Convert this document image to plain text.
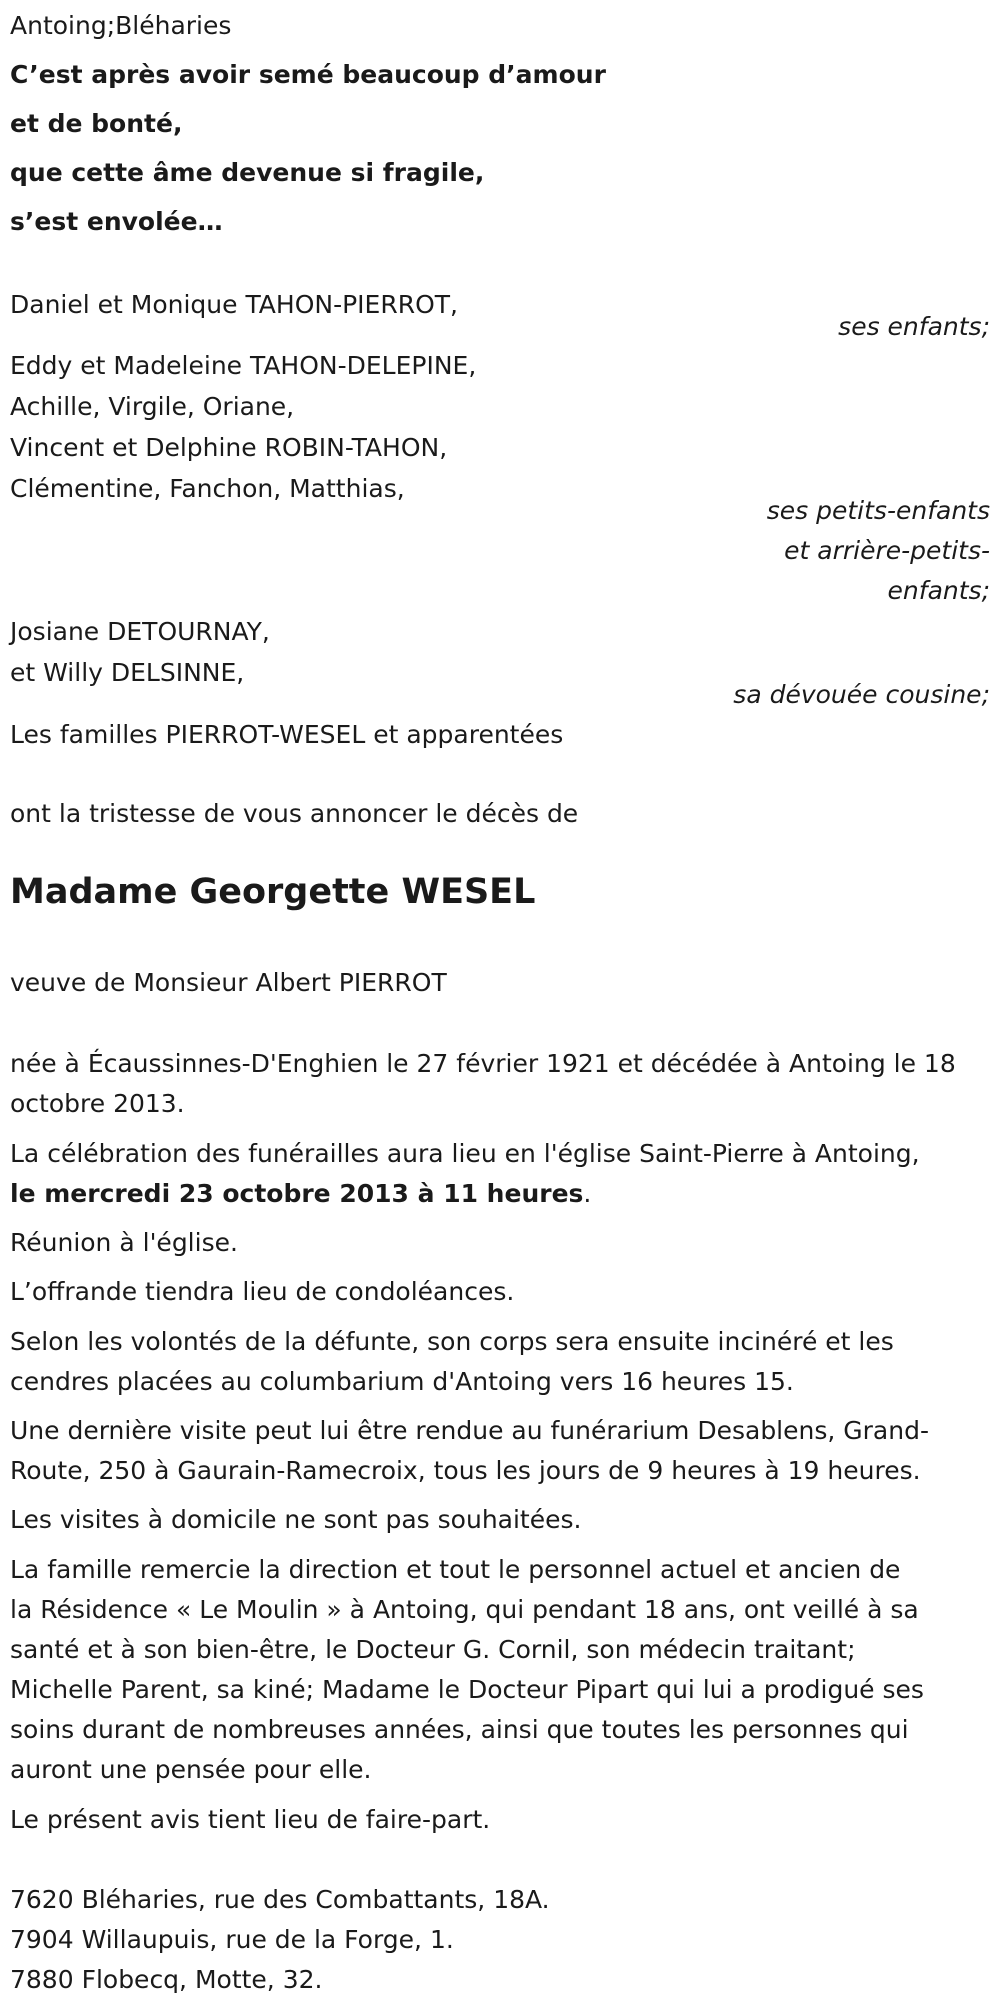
Antoing;Bléharies
C’est après avoir semé beaucoup d’amour
et de bonté,
que cette âme devenue si fragile,
s’est envolée…
Daniel et Monique TAHON-PIERROT,
ses enfants;
Eddy et Madeleine TAHON-DELEPINE,
Achille, Virgile, Oriane,
Vincent et Delphine ROBIN-TAHON,
Clémentine, Fanchon, Matthias,
ses petits-enfants
et arrière-petits-
enfants;
Josiane DETOURNAY,
et Willy DELSINNE,
sa dévouée cousine;
Les familles PIERROT-WESEL et apparentées
ont la tristesse de vous annoncer le décès de
Madame Georgette WESEL
veuve de Monsieur Albert PIERROT
née à Écaussinnes-D'Enghien le 27 février 1921 et décédée à Antoing le 18
octobre 2013.
La célébration des funérailles aura lieu en l'église Saint-Pierre à Antoing,
le mercredi 23 octobre 2013 à 11 heures.
Réunion à l'église.
L’offrande tiendra lieu de condoléances.
Selon les volontés de la défunte, son corps sera ensuite incinéré et les
cendres placées au columbarium d'Antoing vers 16 heures 15.
Une dernière visite peut lui être rendue au funérarium Desablens, Grand-
Route, 250 à Gaurain-Ramecroix, tous les jours de 9 heures à 19 heures.
Les visites à domicile ne sont pas souhaitées.
La famille remercie la direction et tout le personnel actuel et ancien de
la Résidence « Le Moulin » à Antoing, qui pendant 18 ans, ont veillé à sa
santé et à son bien-être, le Docteur G. Cornil, son médecin traitant;
Michelle Parent, sa kiné; Madame le Docteur Pipart qui lui a prodigué ses
soins durant de nombreuses années, ainsi que toutes les personnes qui
auront une pensée pour elle.
Le présent avis tient lieu de faire-part.
7620 Bléharies, rue des Combattants, 18A.
7904 Willaupuis, rue de la Forge, 1.
7880 Flobecq, Motte, 32.
